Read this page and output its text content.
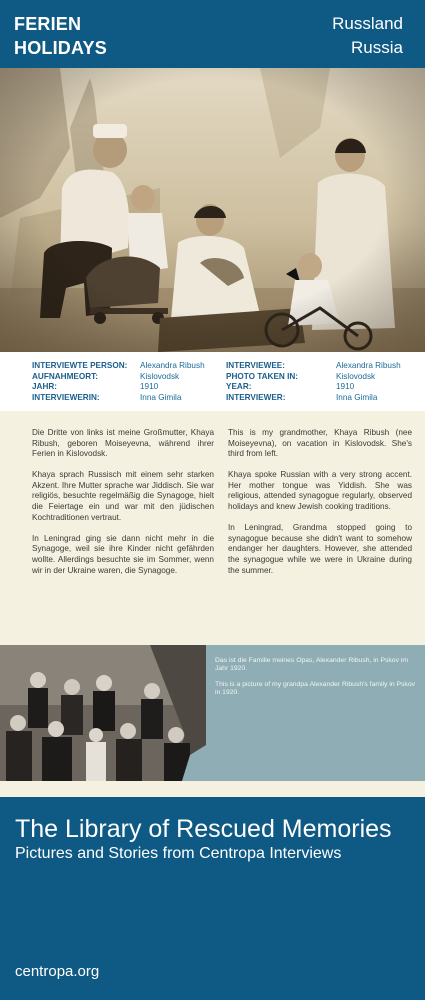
FERIEN
HOLIDAYS
Russland
Russia
INTERVIEWTE PERSON:
AUFNAHMEORT:
JAHR:
INTERVIEWERIN:
Alexandra Ribush
Kislovodsk
1910
Inna Gimila
INTERVIEWEE:
PHOTO TAKEN IN:
YEAR:
INTERVIEWER:
Alexandra Ribush
Kislovodsk
1910
Inna Gimila

Die Dritte von links ist meine Großmutter, Khaya Ribush, geboren Moiseyevna, während ihrer Ferien in Kislovodsk.

Khaya sprach Russisch mit einem sehr starken Akzent. Ihre Mutter sprache war Jiddisch. Sie war religiös, besuchte regelmäßig die Synagoge, hielt die Feiertage ein und war mit den jüdischen Kochtraditionen vertraut.

In Leningrad ging sie dann nicht mehr in die Synagoge, weil sie ihre Kinder nicht gefährden wollte. Allerdings besuchte sie im Sommer, wenn wir in der Ukraine waren, die Synagoge.

This is my grandmother, Khaya Ribush (nee Moiseyevna), on vacation in Kislovodsk. She's third from left.

Khaya spoke Russian with a very strong accent. Her mother tongue was Yiddish. She was religious, attended synagogue regularly, observed holidays and knew Jewish cooking traditions.

In Leningrad, Grandma stopped going to synagogue because she didn't want to somehow endanger her daughters. However, she attended the synagogue while we were in Ukraine during the summer.

Das ist die Familie meines Opas, Alexander Ribush, in Pskov im Jahr 1920.

This is a picture of my grandpa Alexander Ribush's family in Pskov in 1920.

The Library of Rescued Memories
Pictures and Stories from Centropa Interviews
centropa.org
